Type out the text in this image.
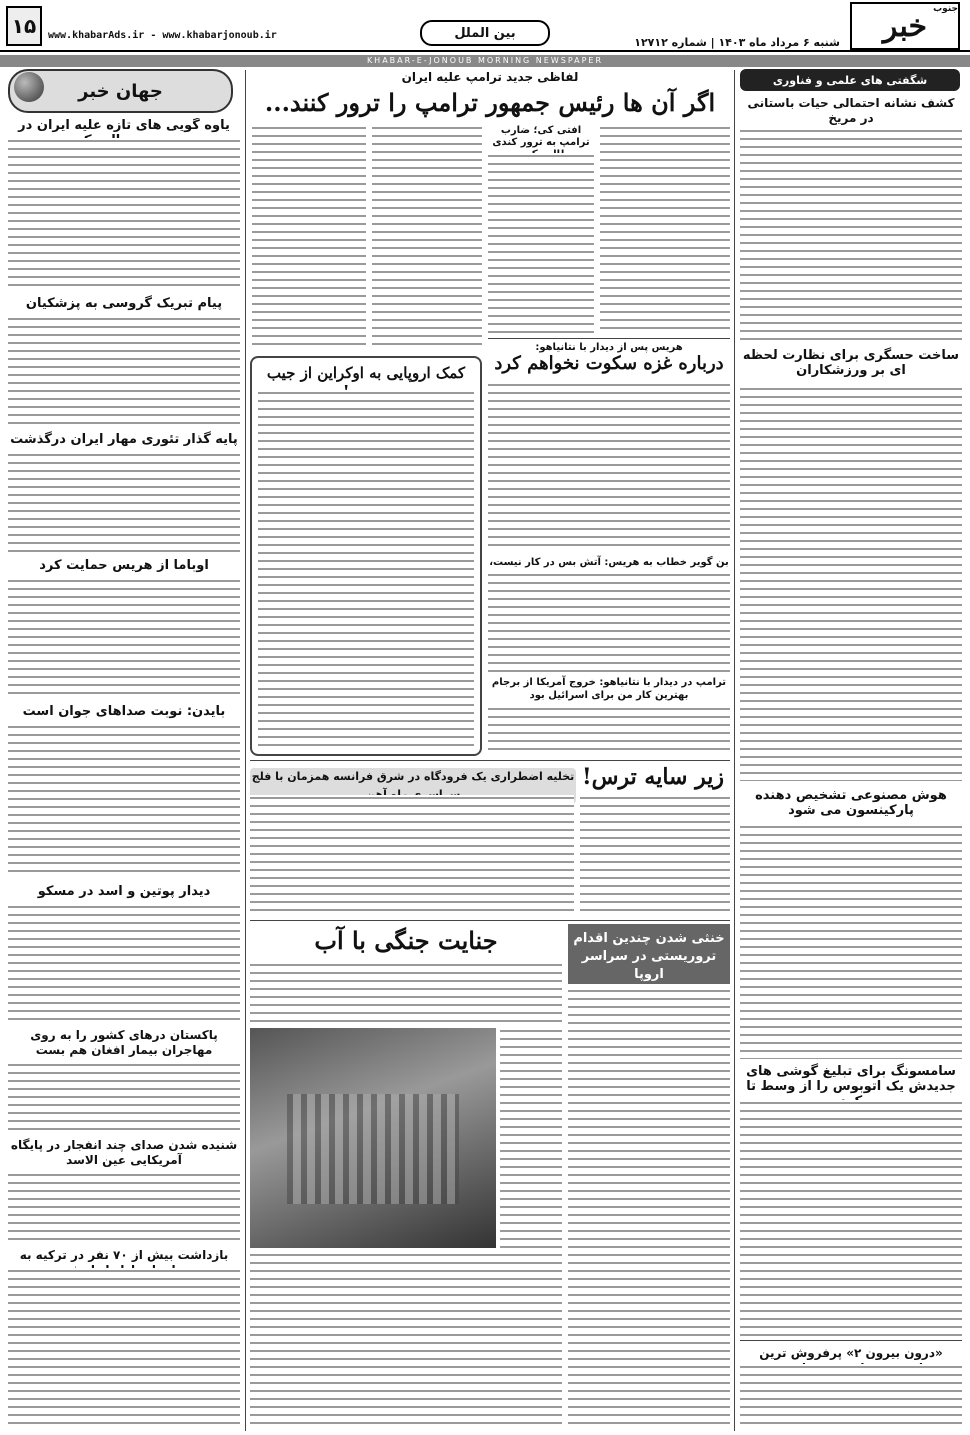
خبر جنوب
شنبه ۶ مرداد ماه ۱۴۰۳ | شماره ۱۲۷۱۲
بین الملل
www.khabarAds.ir - www.khabarjonoub.ir
۱۵
KHABAR-E-JONOUB MORNING NEWSPAPER
شگفتی های علمی و فناوری
کشف نشانه احتمالی حیات باستانی در مریخ
ساخت حسگری برای نظارت لحظه ای بر ورزشکاران
هوش مصنوعی تشخیص دهنده پارکینسون می شود
سامسونگ برای تبلیغ گوشی های جدیدش یک اتوبوس را از وسط تا
«درون بیرون ۲» پرفروش ترین
لفاظی جدید ترامپ علیه ایران
اگر آن ها رئیس جمهور ترامپ را ترور کنند...
افتی کی؛ ضارب ترامپ به ترور کندی
هریس پس از دیدار با نتانیاهو:
درباره غزه سکوت نخواهم کرد
بن گویر خطاب به هریس: آتش بس در کار نیست،
ترامپ در دیدار با نتانیاهو: خروج آمریکا از برجام بهترین کار من برای اسرائیل بود
کمک اروپایی به اوکراین از جیب
زیر سایه ترس!
تخلیه اضطراری یک فرودگاه در شرق فرانسه همزمان با فلج
خنثی شدن چندین اقدام تروریستی در سراسر اروپا
جنایت جنگی با آب
جهان خبر
یاوه گویی های تازه علیه ایران در
پیام تبریک گروسی به پزشکیان
پایه گذار تئوری مهار ایران درگذشت
اوباما از هریس حمایت کرد
بایدن: نوبت صداهای جوان است
دیدار پوتین و اسد در مسکو
پاکستان درهای کشور را به روی مهاجران بیمار افغان هم بست
شنیده شدن صدای چند انفجار در پایگاه آمریکایی عین الاسد
بازداشت بیش از ۷۰ نفر در ترکیه به
